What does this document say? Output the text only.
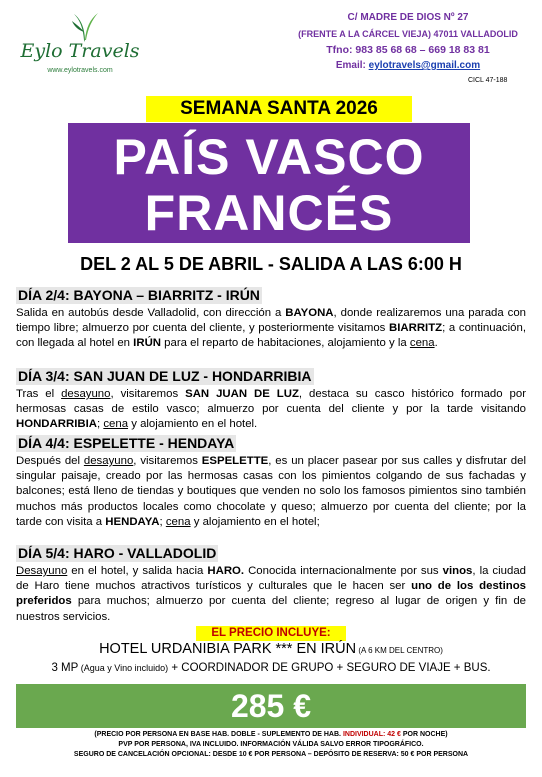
Eylo Travels
www.eylotravels.com
C/ MADRE DE DIOS Nº 27
(FRENTE A LA CÁRCEL VIEJA) 47011 VALLADOLID
Tfno: 983 85 68 68 – 669 18 83 81
Email: eylotravels@gmail.com
CICL 47-188
SEMANA SANTA 2026
PAÍS VASCO
FRANCÉS
DEL 2 AL 5 DE ABRIL - SALIDA A LAS 6:00 H
DÍA 2/4: BAYONA – BIARRITZ - IRÚN
Salida en autobús desde Valladolid, con dirección a BAYONA, donde realizaremos una parada con tiempo libre; almuerzo por cuenta del cliente, y posteriormente visitamos BIARRITZ; a continuación, con llegada al hotel en IRÚN para el reparto de habitaciones, alojamiento y la cena.
DÍA 3/4: SAN JUAN DE LUZ - HONDARRIBIA
Tras el desayuno, visitaremos SAN JUAN DE LUZ, destaca su casco histórico formado por hermosas casas de estilo vasco; almuerzo por cuenta del cliente y por la tarde visitando HONDARRIBIA; cena y alojamiento en el hotel.
DÍA 4/4: ESPELETTE - HENDAYA
Después del desayuno, visitaremos ESPELETTE, es un placer pasear por sus calles y disfrutar del singular paisaje, creado por las hermosas casas con los pimientos colgando de sus fachadas y balcones; está lleno de tiendas y boutiques que venden no solo los famosos pimientos sino también muchos más productos locales como chocolate y queso; almuerzo por cuenta del cliente; por la tarde con visita a HENDAYA; cena y alojamiento en el hotel;
DÍA 5/4: HARO - VALLADOLID
Desayuno en el hotel, y salida hacia HARO. Conocida internacionalmente por sus vinos, la ciudad de Haro tiene muchos atractivos turísticos y culturales que le hacen ser uno de los destinos preferidos para muchos; almuerzo por cuenta del cliente; regreso al lugar de origen y fin de nuestros servicios.
EL PRECIO INCLUYE:
HOTEL URDANIBIA PARK *** EN IRÚN (A 6 KM DEL CENTRO)
3 MP (Agua y Vino incluido) + COORDINADOR DE GRUPO + SEGURO DE VIAJE + BUS.
285 €
(PRECIO POR PERSONA EN BASE HAB. DOBLE - SUPLEMENTO DE HAB. INDIVIDUAL: 42 € POR NOCHE)
PVP POR PERSONA, IVA INCLUIDO. INFORMACIÓN VÁLIDA SALVO ERROR TIPOGRÁFICO.
SEGURO DE CANCELACIÓN OPCIONAL: DESDE 10 € POR PERSONA – DEPÓSITO DE RESERVA: 50 € POR PERSONA
